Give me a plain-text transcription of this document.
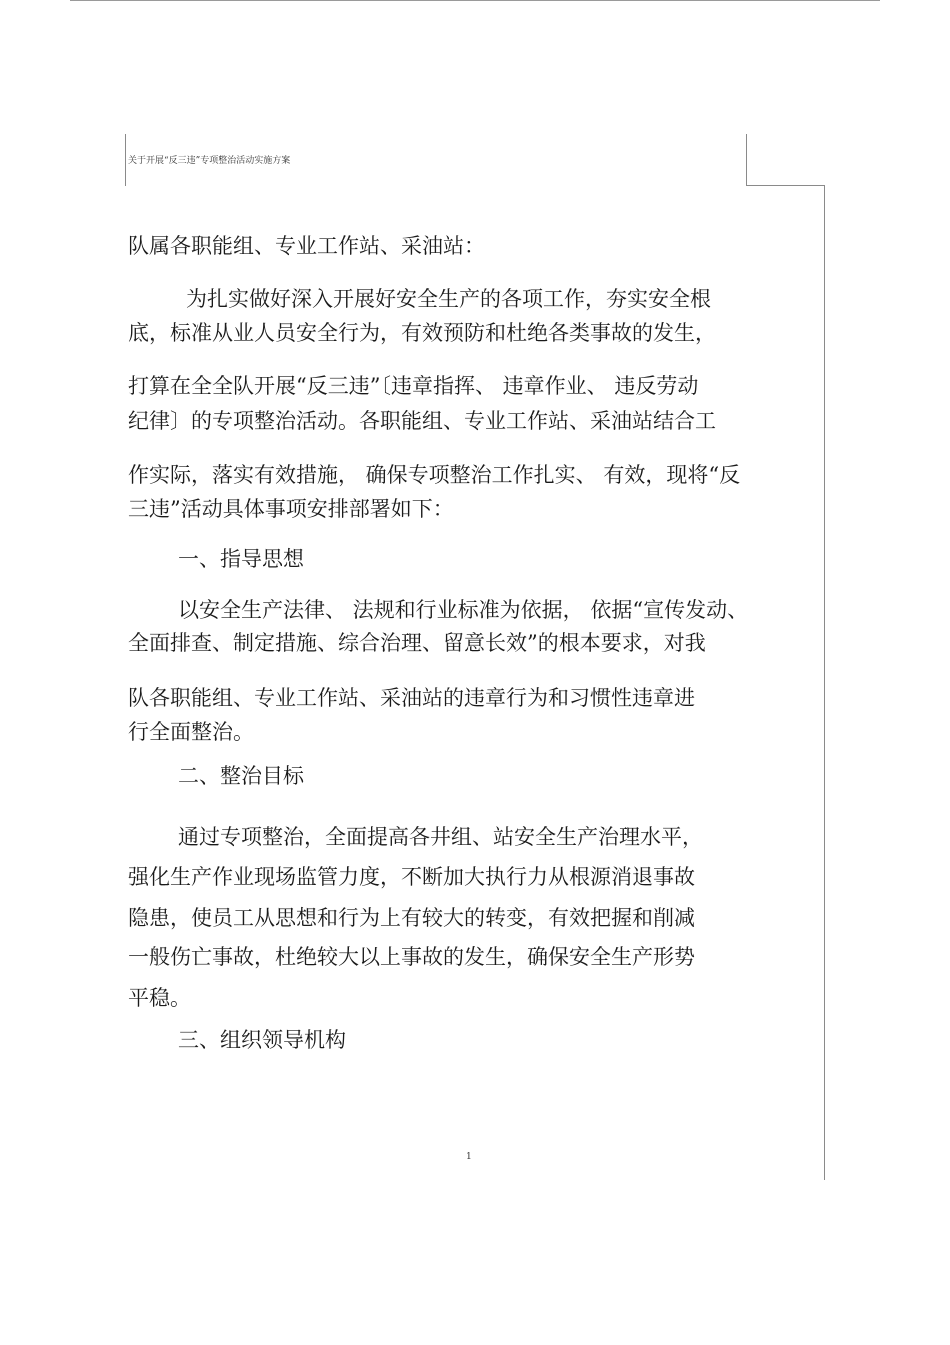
关于开展“反三违”专项整治活动实施方案
队属各职能组、专业工作站、采油站：
为扎实做好深入开展好安全生产的各项工作，夯实安全根
底，标准从业人员安全行为，有效预防和杜绝各类事故的发生，
打算在全全队开展“反三违”〔违章指挥、 违章作业、 违反劳动
纪律〕的专项整治活动。各职能组、专业工作站、采油站结合工
作实际，落实有效措施， 确保专项整治工作扎实、 有效，现将“反
三违”活动具体事项安排部署如下：
一、指导思想
以安全生产法律、 法规和行业标准为依据， 依据“宣传发动、
全面排查、制定措施、综合治理、留意长效”的根本要求，对我
队各职能组、专业工作站、采油站的违章行为和习惯性违章进
行全面整治。
二、整治目标
通过专项整治，全面提高各井组、站安全生产治理水平，
强化生产作业现场监管力度，不断加大执行力从根源消退事故
隐患，使员工从思想和行为上有较大的转变，有效把握和削减
一般伤亡事故，杜绝较大以上事故的发生，确保安全生产形势
平稳。
三、组织领导机构
1
